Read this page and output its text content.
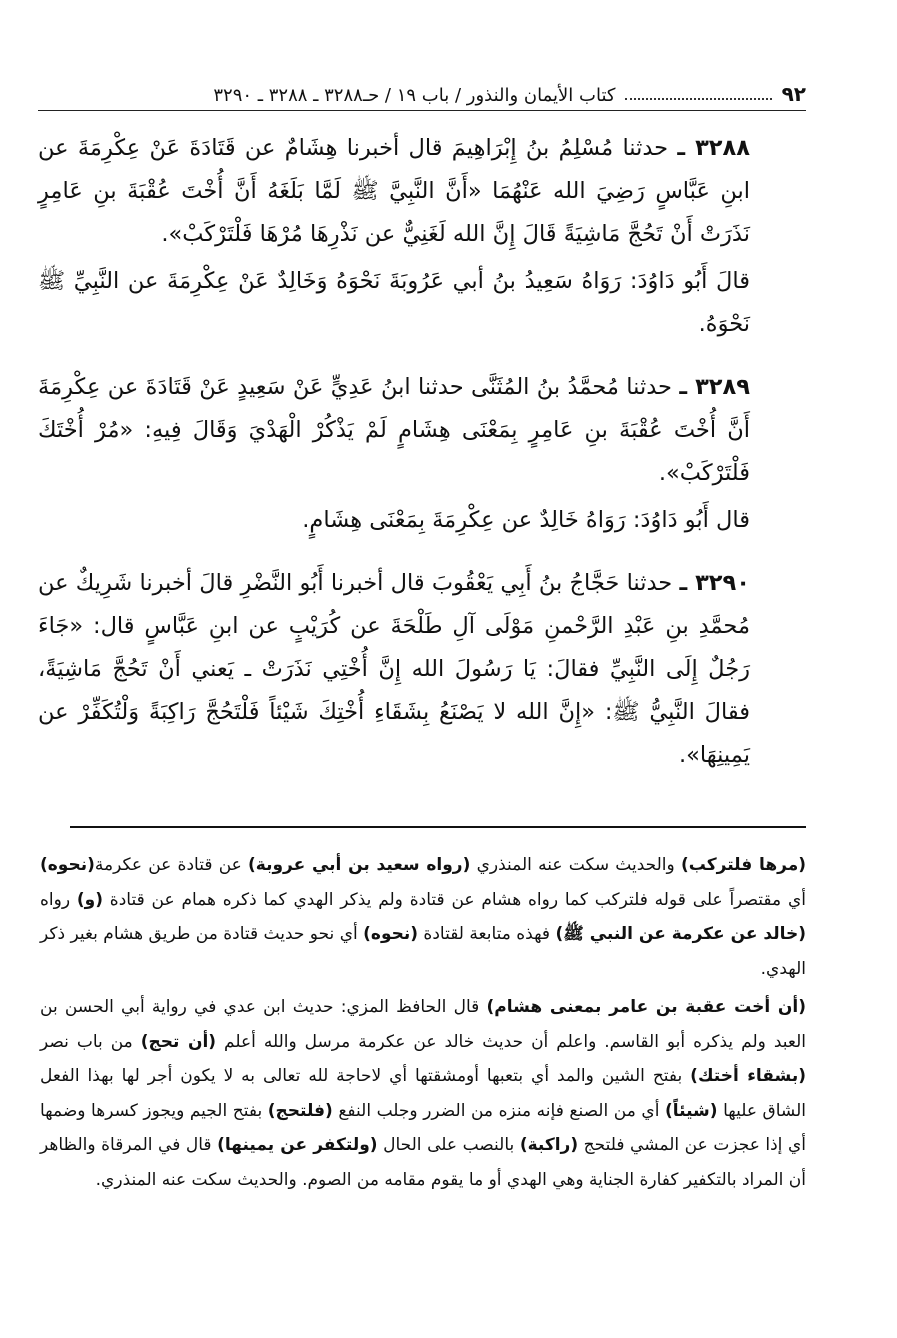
٩٢
كتاب الأيمان والنذور / باب ١٩ / حـ٣٢٨٨ ـ ٣٢٨٨ ـ ٣٢٩٠

٣٢٨٨ ـ حدثنا مُسْلِمُ بنُ إِبْرَاهِيمَ قال أخبرنا هِشَامٌ عن قَتَادَةَ عَنْ عِكْرِمَةَ عن ابنِ عَبَّاسٍ رَضِيَ الله عَنْهُمَا «أَنَّ النَّبِيَّ ﷺ لَمَّا بَلَغَهُ أَنَّ أُخْتَ عُقْبَةَ بنِ عَامِرٍ نَذَرَتْ أَنْ تَحُجَّ مَاشِيَةً قَالَ إِنَّ الله لَغَنِيٌّ عن نَذْرِهَا مُرْهَا فَلْتَرْكَبْ».

قالَ أَبُو دَاوُدَ: رَوَاهُ سَعِيدُ بنُ أبي عَرُوبَةَ نَحْوَهُ وَخَالِدٌ عَنْ عِكْرِمَةَ عن النَّبِيِّ ﷺ نَحْوَهُ.

٣٢٨٩ ـ حدثنا مُحمَّدُ بنُ المُثَنَّى حدثنا ابنُ عَدِيٍّ عَنْ سَعِيدٍ عَنْ قَتَادَةَ عن عِكْرِمَةَ أَنَّ أُخْتَ عُقْبَةَ بنِ عَامِرٍ بِمَعْنَى هِشَامٍ لَمْ يَذْكُرْ الْهَدْيَ وَقَالَ فِيهِ: «مُرْ أُخْتَكَ فَلْتَرْكَبْ».

قال أَبُو دَاوُدَ: رَوَاهُ خَالِدٌ عن عِكْرِمَةَ بِمَعْنَى هِشَامٍ.

٣٢٩٠ ـ حدثنا حَجَّاجُ بنُ أَبِي يَعْقُوبَ قال أخبرنا أَبُو النَّضْرِ قالَ أخبرنا شَرِيكٌ عن مُحمَّدِ بنِ عَبْدِ الرَّحْمنِ مَوْلَى آلِ طَلْحَةَ عن كُرَيْبٍ عن ابنِ عَبَّاسٍ قال: «جَاءَ رَجُلٌ إِلَى النَّبِيِّ فقالَ: يَا رَسُولَ الله إِنَّ أُخْتِي نَذَرَتْ ـ يَعني أَنْ تَحُجَّ مَاشِيَةً، فقالَ النَّبِيُّ ﷺ: «إِنَّ الله لا يَصْنَعُ بِشَقَاءِ أُخْتِكَ شَيْئاً فَلْتَحُجَّ رَاكِبَةً وَلْتُكَفِّرْ عن يَمِينِهَا».

(مرها فلتركب) والحديث سكت عنه المنذري (رواه سعيد بن أبي عروبة) عن قتادة عن عكرمة(نحوه) أي مقتصراً على قوله فلتركب كما رواه هشام عن قتادة ولم يذكر الهدي كما ذكره همام عن قتادة (و) رواه (خالد عن عكرمة عن النبي ﷺ) فهذه متابعة لقتادة (نحوه) أي نحو حديث قتادة من طريق هشام بغير ذكر الهدي.

(أن أخت عقبة بن عامر بمعنى هشام) قال الحافظ المزي: حديث ابن عدي في رواية أبي الحسن بن العبد ولم يذكره أبو القاسم. واعلم أن حديث خالد عن عكرمة مرسل والله أعلم (أن تحج) من باب نصر (بشقاء أختك) بفتح الشين والمد أي بتعبها أومشقتها أي لاحاجة لله تعالى به لا يكون أجر لها بهذا الفعل الشاق عليها (شيئاً) أي من الصنع فإنه منزه من الضرر وجلب النفع (فلتحج) بفتح الجيم ويجوز كسرها وضمها أي إذا عجزت عن المشي فلتحج (راكبة) بالنصب على الحال (ولتكفر عن يمينها) قال في المرقاة والظاهر أن المراد بالتكفير كفارة الجناية وهي الهدي أو ما يقوم مقامه من الصوم. والحديث سكت عنه المنذري.
